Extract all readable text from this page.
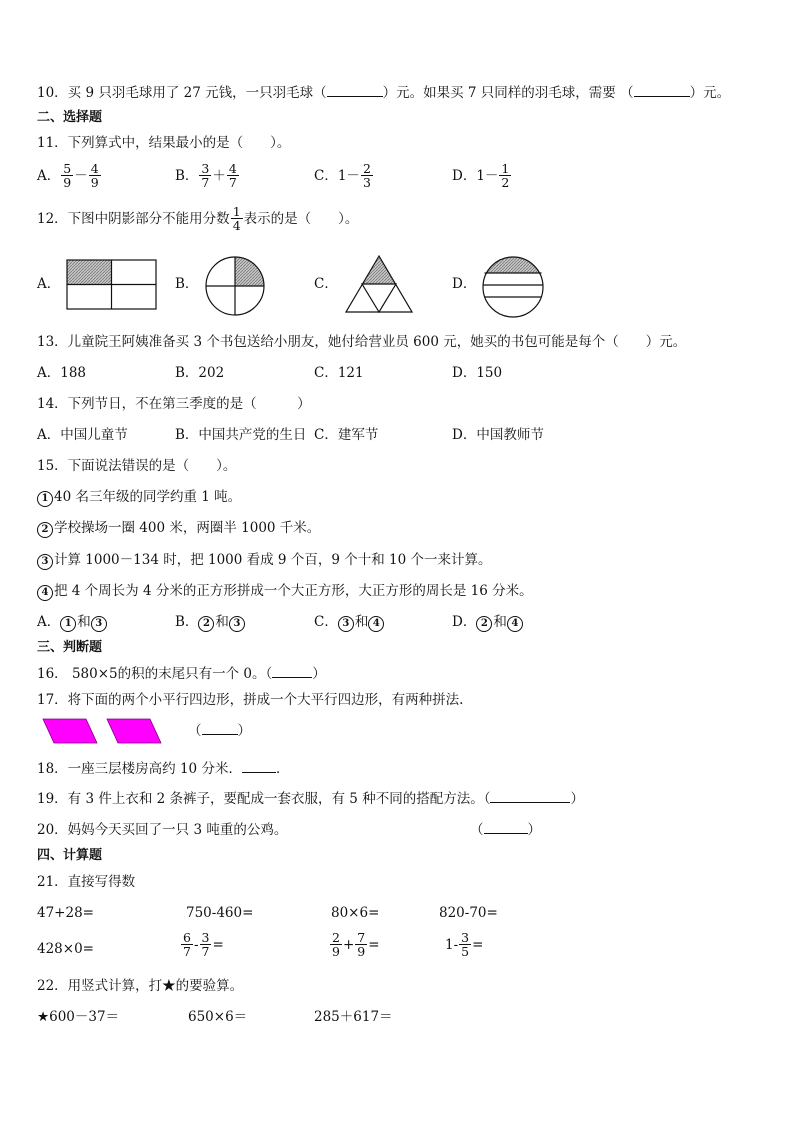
10．买 9 只羽毛球用了 27 元钱，一只羽毛球（	）元。如果买 7 只同样的羽毛球，需要 （	）元。
二、选择题
11．下列算式中，结果最小的是（　　）。
A． $\frac{5}{9} - \frac{4}{9}$	B． $\frac{3}{7} + \frac{4}{7}$	C． $1- \frac{2}{3}$	D． $1- \frac{1}{2}$
12．下图中阴影部分不能用分数 $\frac{1}{4}$ 表示的是（　　）。
A．	B．	C．	D．
13．儿童院王阿姨准备买 3 个书包送给小朋友，她付给营业员 600 元，她买的书包可能是每个（　　）元。
A．188	B．202	C．121	D．150
14．下列节日，不在第三季度的是（　　　）
A．中国儿童节	B．中国共产党的生日 C．建军节	D．中国教师节
15．下面说法错误的是（　　）。
1 40 名三年级的同学约重 1 吨。
2 学校操场一圈 400 米，两圈半 1000 千米。
3 计算 1000－134 时，把 1000 看成 9 个百，9 个十和 10 个一来计算。
4 把 4 个周长为 4 分米的正方形拼成一个大正方形，大正方形的周长是 16 分米。
A． 1 和 3	B． 2 和 3	C． 3 和 4	D． 2 和 4
三、判断题
16． 580×5的积的末尾只有一个 0。（	）
17．将下面的两个小平行四边形，拼成一个大平行四边形，有两种拼法.
（	）
18．一座三层楼房高约 10 分米．	．
19．有 3 件上衣和 2 条裤子，要配成一套衣服，有 5 种不同的搭配方法。（	）
20．妈妈今天买回了一只 3 吨重的公鸡。	（	）
四、计算题
21．直接写得数
47+28=	750-460=	80×6=	820-70=
428×0=	$\frac{6}{7} - \frac{3}{7}$ =	$\frac{2}{9} + \frac{7}{9}$ =	$1- \frac{3}{5}$ =
22．用竖式计算，打★的要验算。
★600－37＝	650×6＝	285＋617＝
